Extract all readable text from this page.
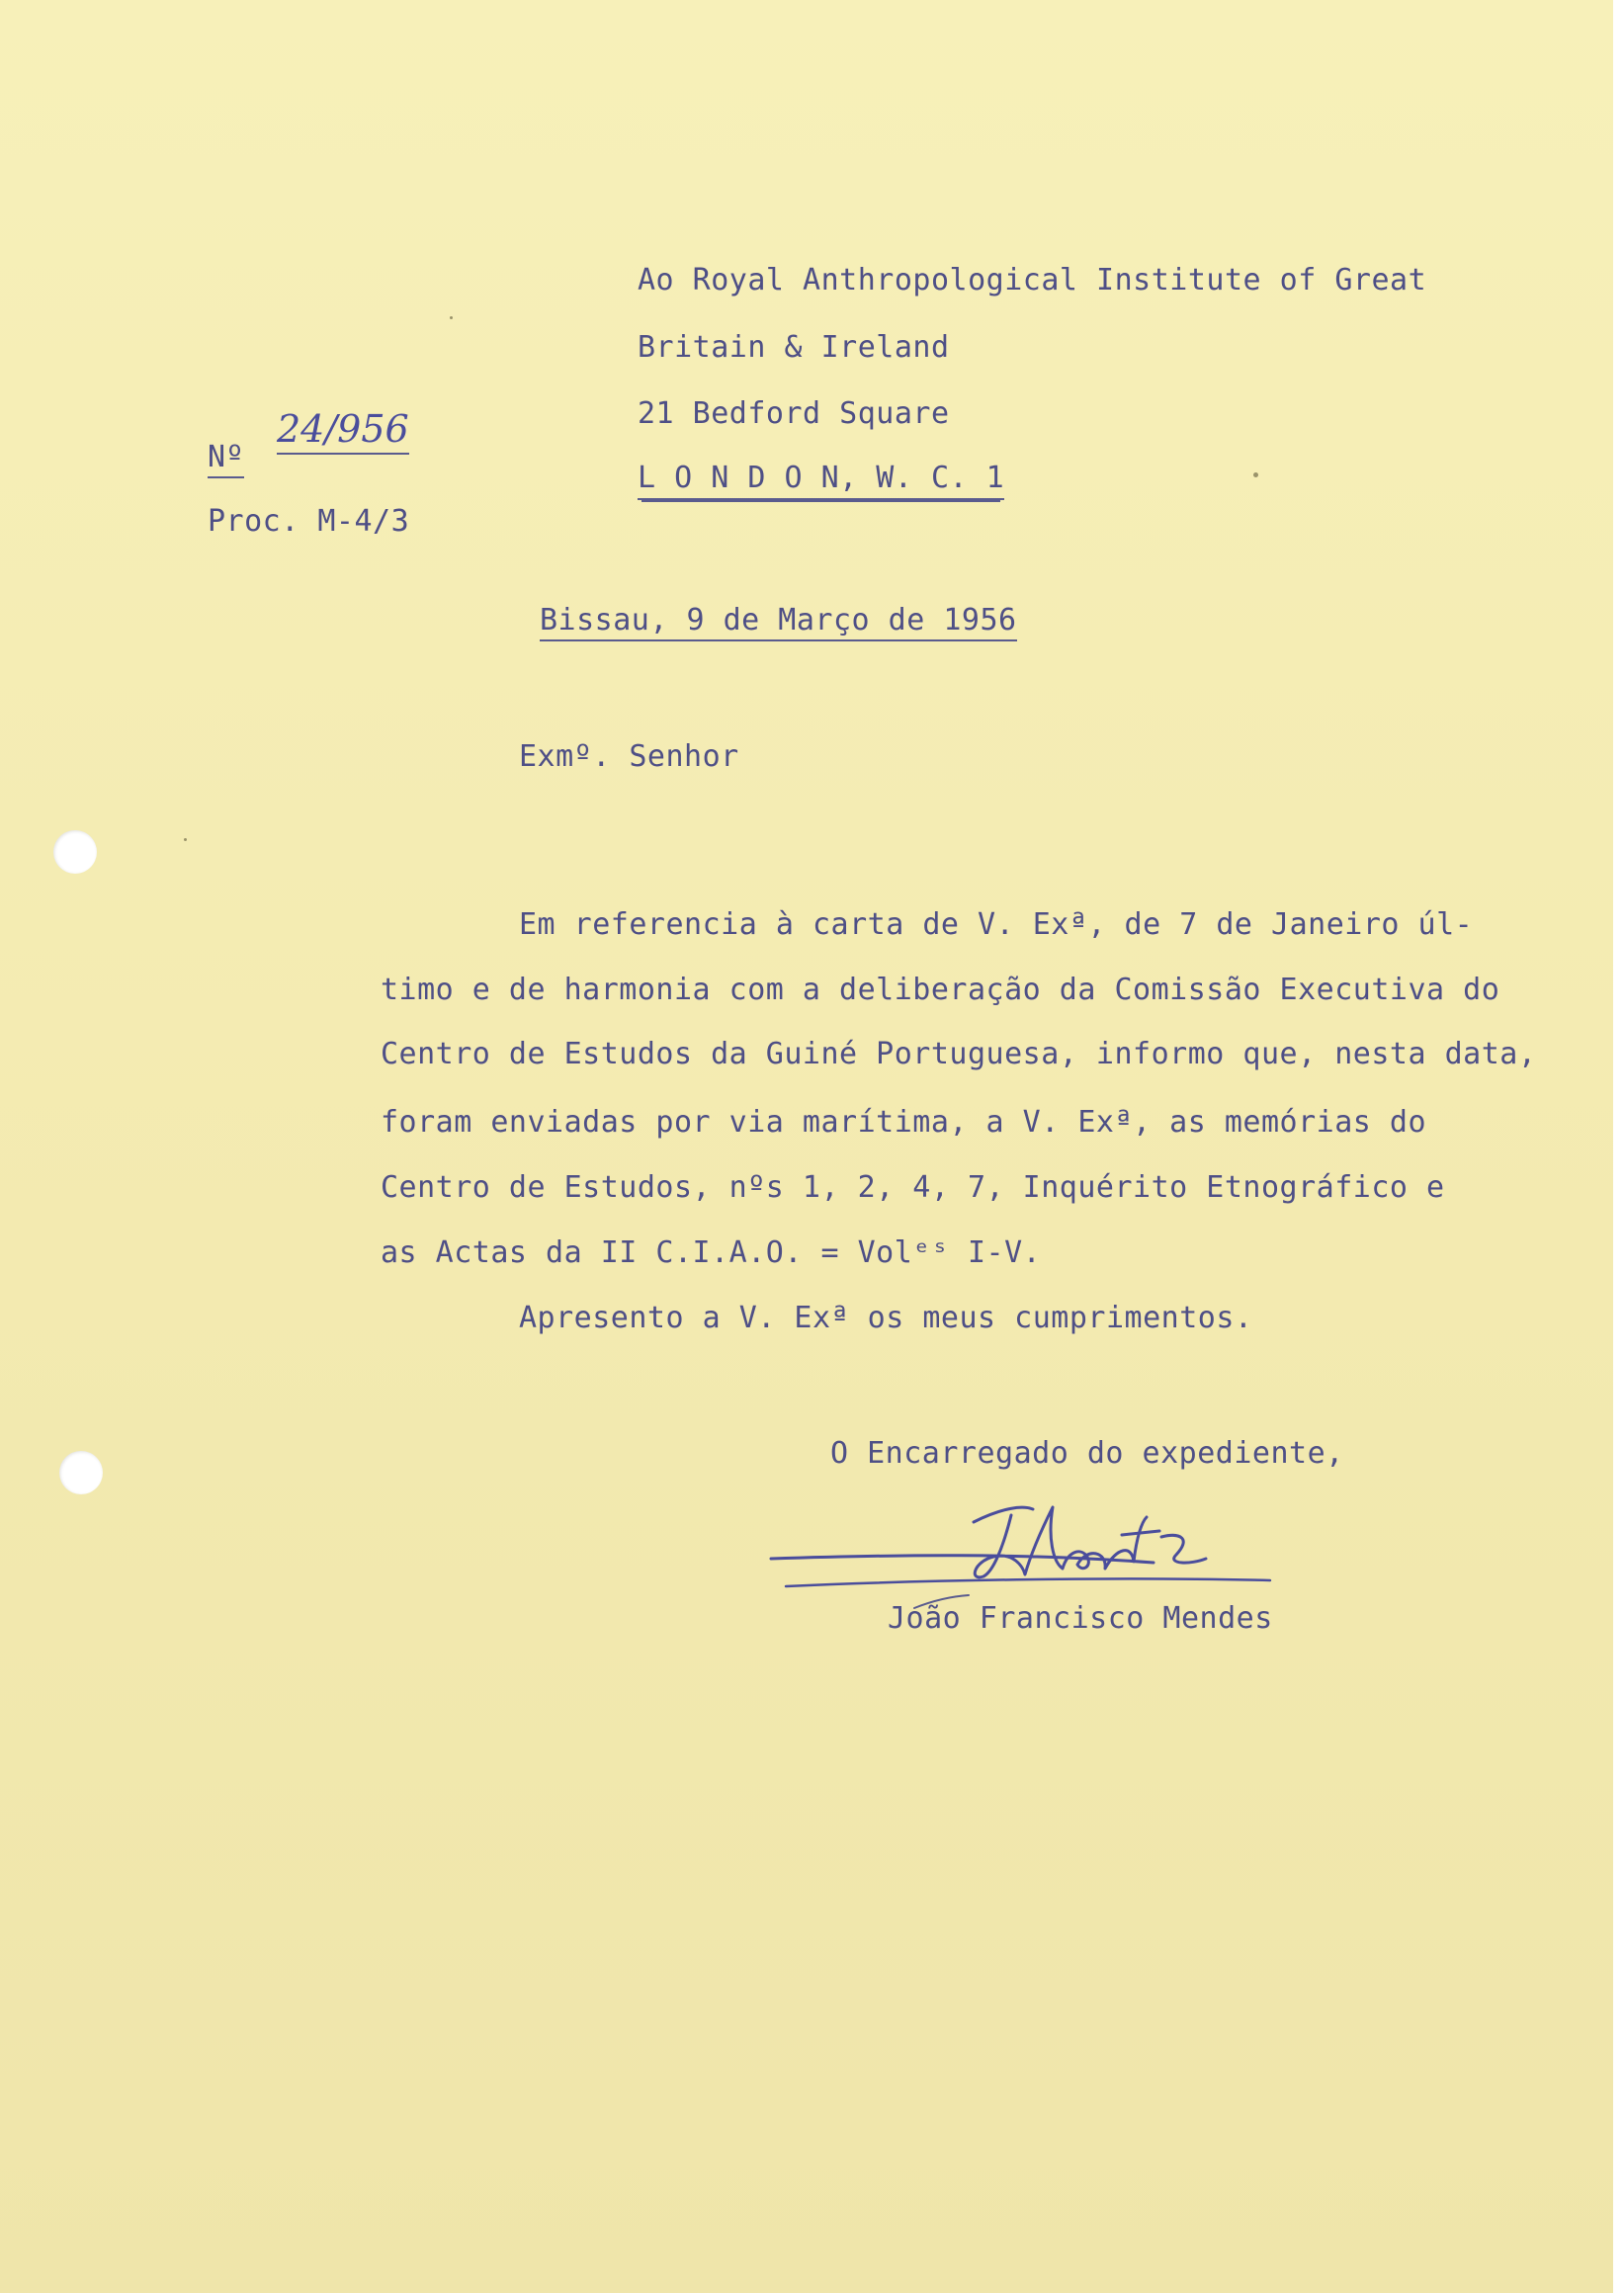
Nº
24/956
Proc. M-4/3
Ao Royal Anthropological Institute of Great
Britain & Ireland
21 Bedford Square
L O N D O N, W. C. 1
Bissau, 9 de Março de 1956
Exmº. Senhor
Em referencia à carta de V. Exª, de 7 de Janeiro úl-
timo e de harmonia com a deliberação da Comissão Executiva do
Centro de Estudos da Guiné Portuguesa, informo que, nesta data,
foram enviadas por via marítima, a V. Exª, as memórias do
Centro de Estudos, nºs 1, 2, 4, 7, Inquérito Etnográfico e
as Actas da II C.I.A.O. = Volᵉˢ I-V.
Apresento a V. Exª os meus cumprimentos.
O Encarregado do expediente,
João Francisco Mendes
